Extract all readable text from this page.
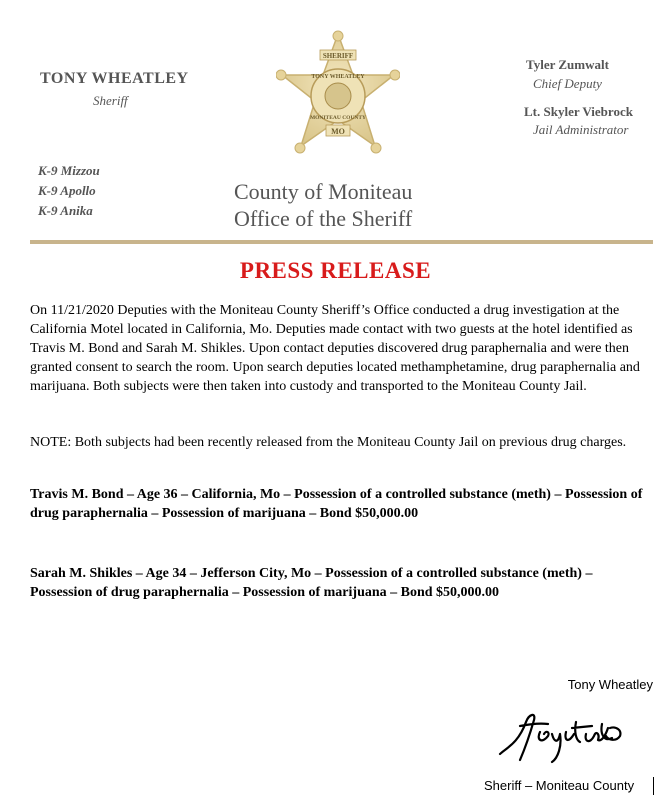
TONY WHEATLEY
Sheriff
K-9 Mizzou
K-9 Apollo
K-9 Anika
SHERIFF
TONY WHEATLEY
MONITEAU COUNTY
MO
Tyler Zumwalt
Chief Deputy
Lt. Skyler Viebrock
Jail Administrator
County of Moniteau
Office of the Sheriff
PRESS RELEASE
On 11/21/2020 Deputies with the Moniteau County Sheriff’s Office conducted a drug investigation at the California Motel located in California, Mo. Deputies made contact with two guests at the hotel identified as Travis M. Bond and Sarah M. Shikles. Upon contact deputies discovered drug paraphernalia and were then granted consent to search the room. Upon search deputies located methamphetamine, drug paraphernalia and marijuana. Both subjects were then taken into custody and transported to the Moniteau County Jail.
NOTE: Both subjects had been recently released from the Moniteau County Jail on previous drug charges.
Travis M. Bond – Age 36 – California, Mo – Possession of a controlled substance (meth) – Possession of drug paraphernalia – Possession of marijuana – Bond $50,000.00
Sarah M. Shikles – Age 34 – Jefferson City, Mo – Possession of a controlled substance (meth) – Possession of drug paraphernalia – Possession of marijuana – Bond $50,000.00
Tony Wheatley
Sheriff – Moniteau County
